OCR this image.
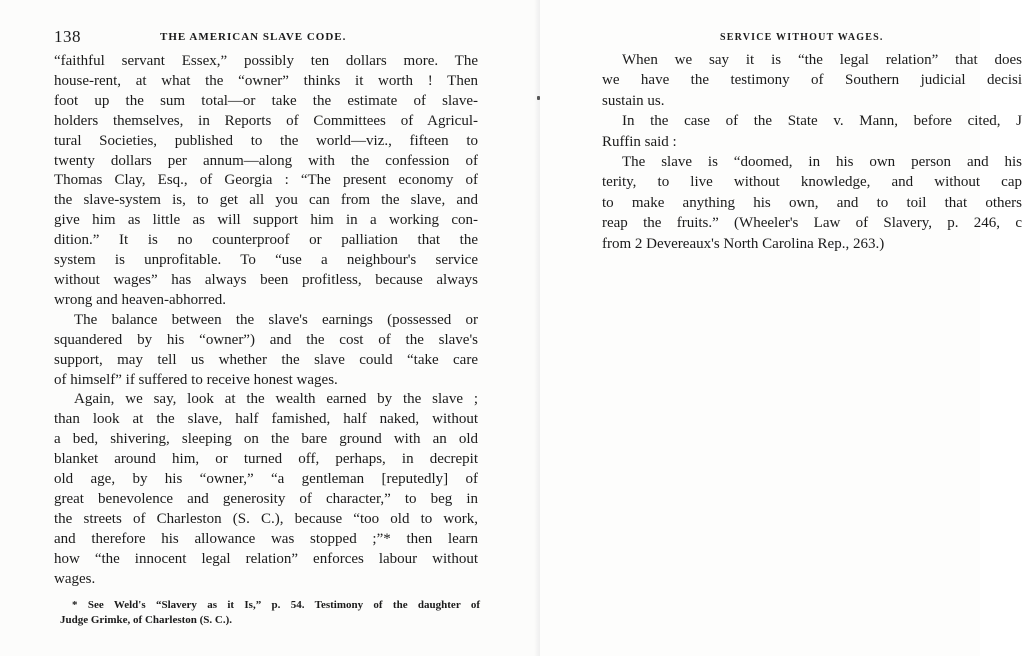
138	THE AMERICAN SLAVE CODE.
“faithful servant Essex,” possibly ten dollars more. The
house-rent, at what the “owner” thinks it worth ! Then
foot up the sum total—or take the estimate of slave-
holders themselves, in Reports of Committees of Agricul-
tural Societies, published to the world—viz., fifteen to
twenty dollars per annum—along with the confession of
Thomas Clay, Esq., of Georgia : “The present economy of
the slave-system is, to get all you can from the slave, and
give him as little as will support him in a working con-
dition.” It is no counterproof or palliation that the
system is unprofitable. To “use a neighbour's service
without wages” has always been profitless, because always
wrong and heaven-abhorred.
The balance between the slave's earnings (possessed or
squandered by his “owner”) and the cost of the slave's
support, may tell us whether the slave could “take care
of himself” if suffered to receive honest wages.
Again, we say, look at the wealth earned by the slave ;
than look at the slave, half famished, half naked, without
a bed, shivering, sleeping on the bare ground with an old
blanket around him, or turned off, perhaps, in decrepit
old age, by his “owner,” “a gentleman [reputedly] of
great benevolence and generosity of character,” to beg in
the streets of Charleston (S. C.), because “too old to work,
and therefore his allowance was stopped ;”* then learn
how “the innocent legal relation” enforces labour without
wages.
* See Weld's “Slavery as it Is,” p. 54. Testimony of the daughter of
Judge Grimke, of Charleston (S. C.).
SERVICE WITHOUT WAGES.
When we say it is “the legal relation” that does
we have the testimony of Southern judicial decisi
sustain us.
In the case of the State v. Mann, before cited, J
Ruffin said :
The slave is “doomed, in his own person and his
terity, to live without knowledge, and without cap
to make anything his own, and to toil that others
reap the fruits.” (Wheeler's Law of Slavery, p. 246, c
from 2 Devereaux's North Carolina Rep., 263.)
